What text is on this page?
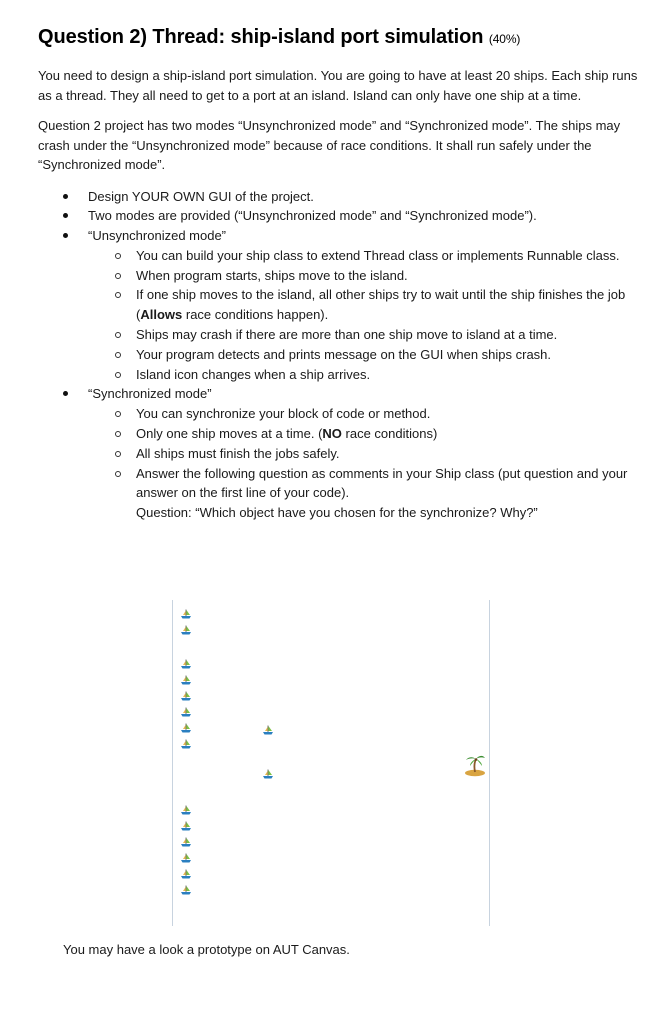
Question 2) Thread: ship-island port simulation (40%)

You need to design a ship-island port simulation. You are going to have at least 20 ships. Each ship runs as a thread. They all need to get to a port at an island. Island can only have one ship at a time.

Question 2 project has two modes “Unsynchronized mode” and “Synchronized mode”. The ships may crash under the “Unsynchronized mode” because of race conditions. It shall run safely under the “Synchronized mode”.

Design YOUR OWN GUI of the project.
Two modes are provided (“Unsynchronized mode” and “Synchronized mode”).
“Unsynchronized mode”
You can build your ship class to extend Thread class or implements Runnable class.
When program starts, ships move to the island.
If one ship moves to the island, all other ships try to wait until the ship finishes the job (Allows race conditions happen).
Ships may crash if there are more than one ship move to island at a time.
Your program detects and prints message on the GUI when ships crash.
Island icon changes when a ship arrives.
“Synchronized mode”
You can synchronize your block of code or method.
Only one ship moves at a time. (NO race conditions)
All ships must finish the jobs safely.
Answer the following question as comments in your Ship class (put question and your answer on the first line of your code).
Question: “Which object have you chosen for the synchronize? Why?”
You may have a look a prototype on AUT Canvas.
